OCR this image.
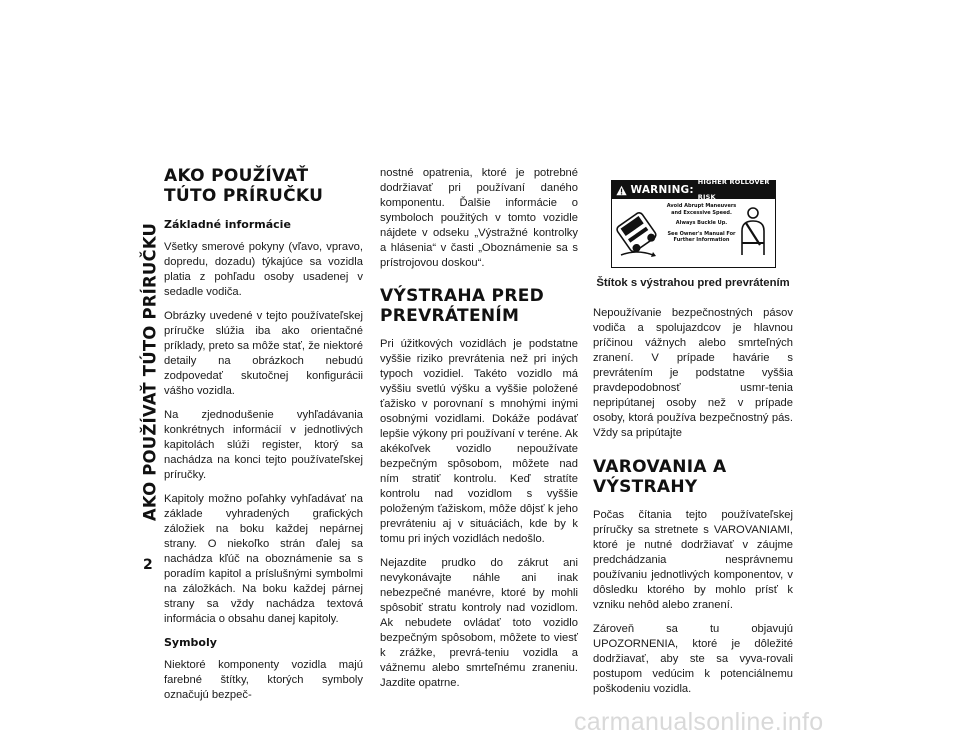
AKO POUŽÍVAŤ TÚTO PRÍRUČKU
2
AKO POUŽÍVAŤ TÚTO PRÍRUČKU
Základné informácie

Všetky smerové pokyny (vľavo, vpravo, dopredu, dozadu) týkajúce sa vozidla platia z pohľadu osoby usadenej v sedadle vodiča.

Obrázky uvedené v tejto používateľskej príručke slúžia iba ako orientačné príklady, preto sa môže stať, že niektoré detaily na obrázkoch nebudú zodpovedať skutočnej konfigurácii vášho vozidla.

Na zjednodušenie vyhľadávania konkrétnych informácií v jednotlivých kapitolách slúži register, ktorý sa nachádza na konci tejto používateľskej príručky.

Kapitoly možno poľahky vyhľadávať na základe vyhradených grafických záložiek na boku každej nepárnej strany. O niekoľko strán ďalej sa nachádza kľúč na oboznámenie sa s poradím kapitol a príslušnými symbolmi na záložkách. Na boku každej párnej strany sa vždy nachádza textová informácia o obsahu danej kapitoly.

Symboly

Niektoré komponenty vozidla majú farebné štítky, ktorých symboly označujú bezpeč-

nostné opatrenia, ktoré je potrebné dodržiavať pri používaní daného komponentu. Ďalšie informácie o symboloch použitých v tomto vozidle nájdete v odseku „Výstražné kontrolky a hlásenia“ v časti „Oboznámenie sa s prístrojovou doskou“.

VÝSTRAHA PRED PREVRÁTENÍM

Pri úžitkových vozidlách je podstatne vyššie riziko prevrátenia než pri iných typoch vozidiel. Takéto vozidlo má vyššiu svetlú výšku a vyššie položené ťažisko v porovnaní s mnohými inými osobnými vozidlami. Dokáže podávať lepšie výkony pri používaní v teréne. Ak akékoľvek vozidlo nepoužívate bezpečným spôsobom, môžete nad ním stratiť kontrolu. Keď stratíte kontrolu nad vozidlom s vyššie položeným ťažiskom, môže dôjsť k jeho prevráteniu aj v situáciách, kde by k tomu pri iných vozidlách nedošlo.

Nejazdite prudko do zákrut ani nevykonávajte náhle ani inak nebezpečné manévre, ktoré by mohli spôsobiť stratu kontroly nad vozidlom. Ak nebudete ovládať toto vozidlo bezpečným spôsobom, môžete to viesť k zrážke, prevrá-teniu vozidla a vážnemu alebo smrteľnému zraneniu. Jazdite opatrne.

WARNING:
HIGHER ROLLOVER RISK
Avoid Abrupt Maneuvers and Excessive Speed.
Always Buckle Up.
See Owner's Manual For Further Information
Štítok s výstrahou pred prevrátením

Nepoužívanie bezpečnostných pásov vodiča a spolujazdcov je hlavnou príčinou vážnych alebo smrteľných zranení. V prípade havárie s prevrátením je podstatne vyššia pravdepodobnosť usmr-tenia nepripútanej osoby než v prípade osoby, ktorá používa bezpečnostný pás. Vždy sa pripútajte

VAROVANIA A VÝSTRAHY

Počas čítania tejto používateľskej príručky sa stretnete s VAROVANIAMI, ktoré je nutné dodržiavať v záujme predchádzania nesprávnemu používaniu jednotlivých komponentov, v dôsledku ktorého by mohlo prísť k vzniku nehôd alebo zranení.

Zároveň sa tu objavujú UPOZORNENIA, ktoré je dôležité dodržiavať, aby ste sa vyva-rovali postupom vedúcim k potenciálnemu poškodeniu vozidla.

carmanualsonline.info
